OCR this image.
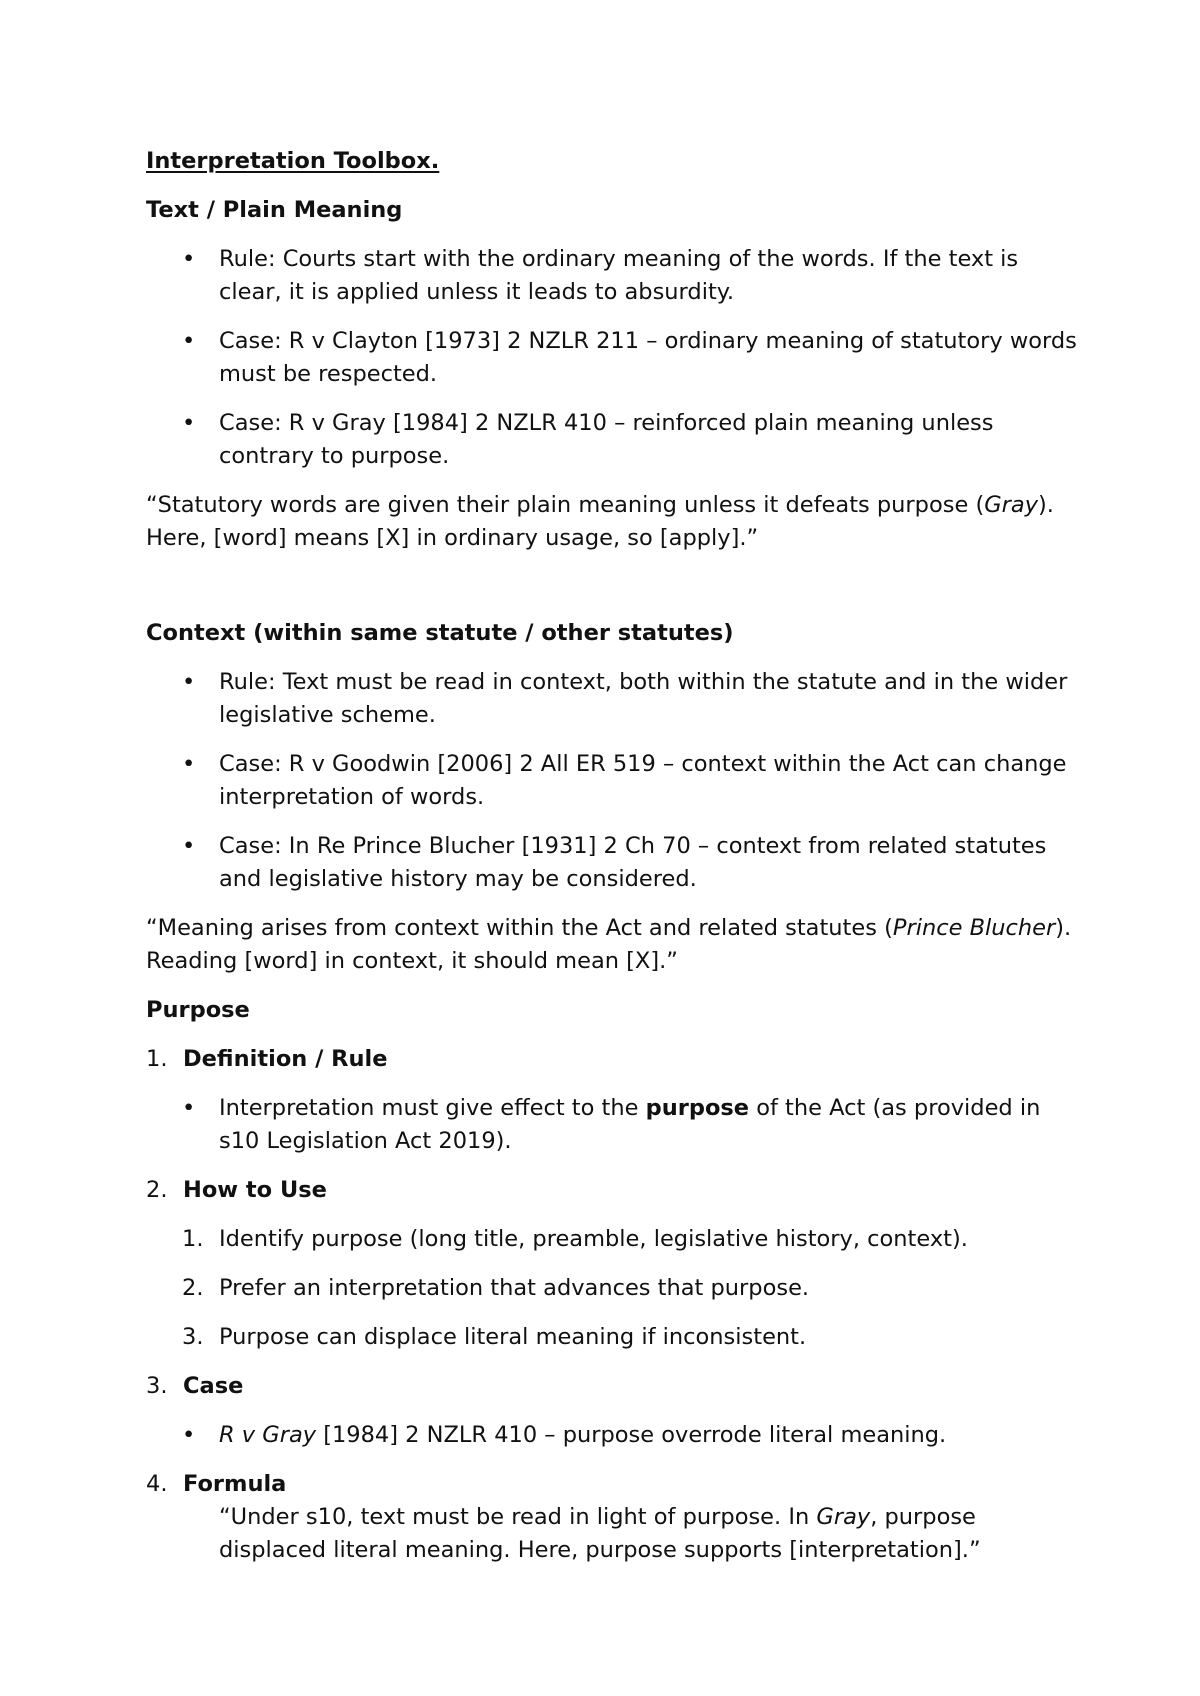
Interpretation Toolbox.
Text / Plain Meaning
• Rule: Courts start with the ordinary meaning of the words. If the text is clear, it is applied unless it leads to absurdity.
• Case: R v Clayton [1973] 2 NZLR 211 – ordinary meaning of statutory words must be respected.
• Case: R v Gray [1984] 2 NZLR 410 – reinforced plain meaning unless contrary to purpose.
“Statutory words are given their plain meaning unless it defeats purpose (Gray). Here, [word] means [X] in ordinary usage, so [apply].”
Context (within same statute / other statutes)
• Rule: Text must be read in context, both within the statute and in the wider legislative scheme.
• Case: R v Goodwin [2006] 2 All ER 519 – context within the Act can change interpretation of words.
• Case: In Re Prince Blucher [1931] 2 Ch 70 – context from related statutes and legislative history may be considered.
“Meaning arises from context within the Act and related statutes (Prince Blucher). Reading [word] in context, it should mean [X].”
Purpose
1. Definition / Rule
• Interpretation must give effect to the purpose of the Act (as provided in s10 Legislation Act 2019).
2. How to Use
1. Identify purpose (long title, preamble, legislative history, context).
2. Prefer an interpretation that advances that purpose.
3. Purpose can displace literal meaning if inconsistent.
3. Case
• R v Gray [1984] 2 NZLR 410 – purpose overrode literal meaning.
4. Formula
“Under s10, text must be read in light of purpose. In Gray, purpose displaced literal meaning. Here, purpose supports [interpretation].”
